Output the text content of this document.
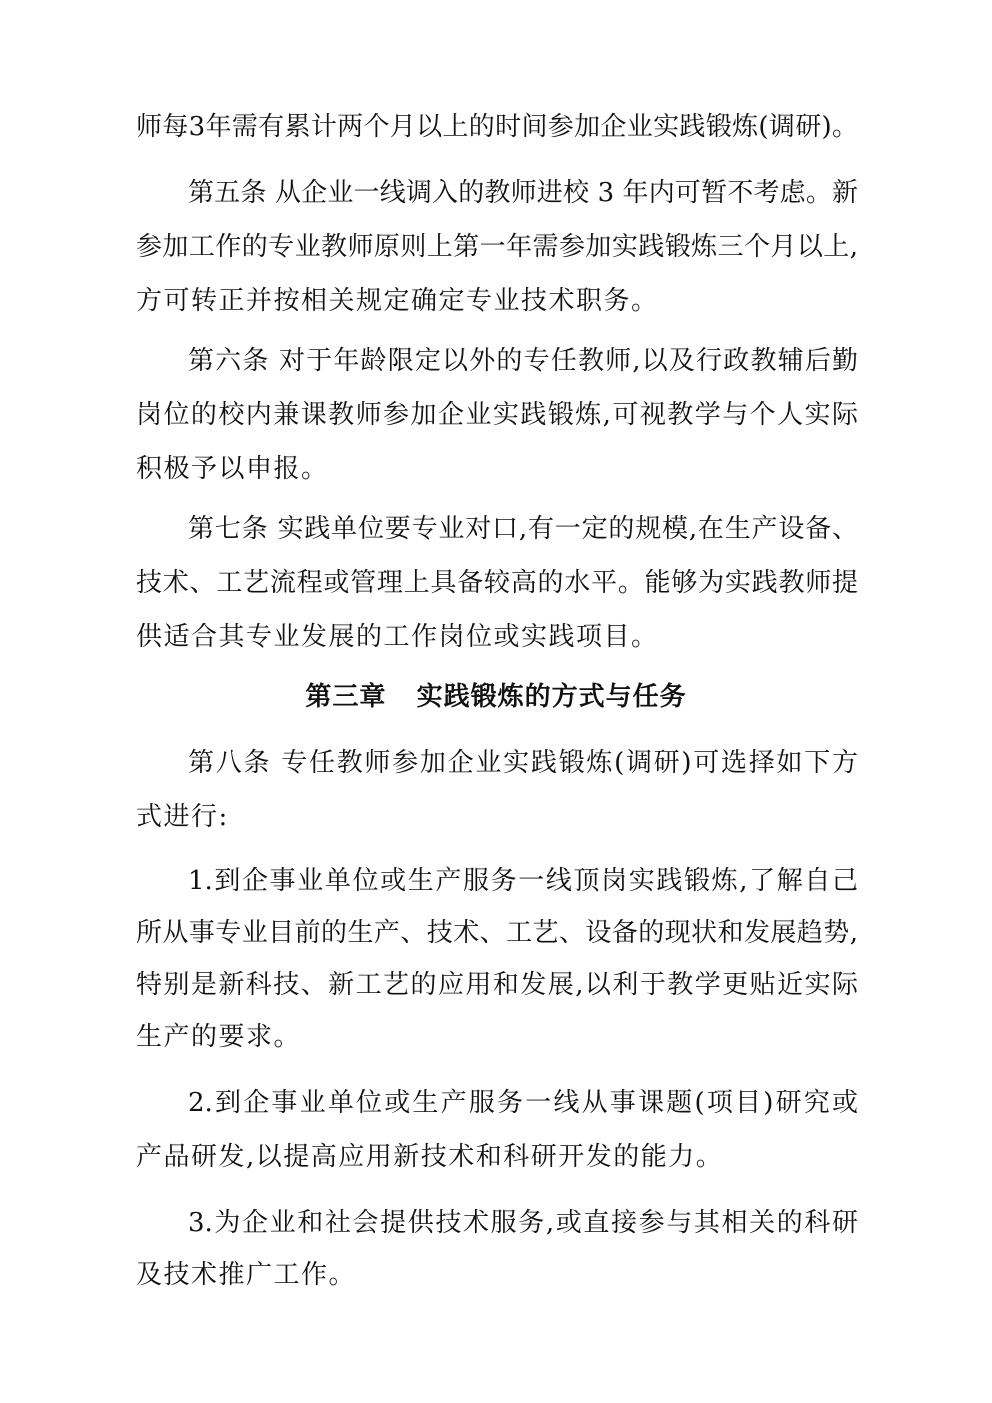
师每3年需有累计两个月以上的时间参加企业实践锻炼(调研)。
第五条 从企业一线调入的教师进校 3 年内可暂不考虑。新
参加工作的专业教师原则上第一年需参加实践锻炼三个月以上,
方可转正并按相关规定确定专业技术职务。
第六条 对于年龄限定以外的专任教师,以及行政教辅后勤
岗位的校内兼课教师参加企业实践锻炼,可视教学与个人实际
积极予以申报。
第七条 实践单位要专业对口,有一定的规模,在生产设备、
技术、工艺流程或管理上具备较高的水平。能够为实践教师提
供适合其专业发展的工作岗位或实践项目。
第三章   实践锻炼的方式与任务
第八条 专任教师参加企业实践锻炼(调研)可选择如下方
式进行:
1.到企事业单位或生产服务一线顶岗实践锻炼,了解自己
所从事专业目前的生产、技术、工艺、设备的现状和发展趋势,
特别是新科技、新工艺的应用和发展,以利于教学更贴近实际
生产的要求。
2.到企事业单位或生产服务一线从事课题(项目)研究或
产品研发,以提高应用新技术和科研开发的能力。
3.为企业和社会提供技术服务,或直接参与其相关的科研
及技术推广工作。
